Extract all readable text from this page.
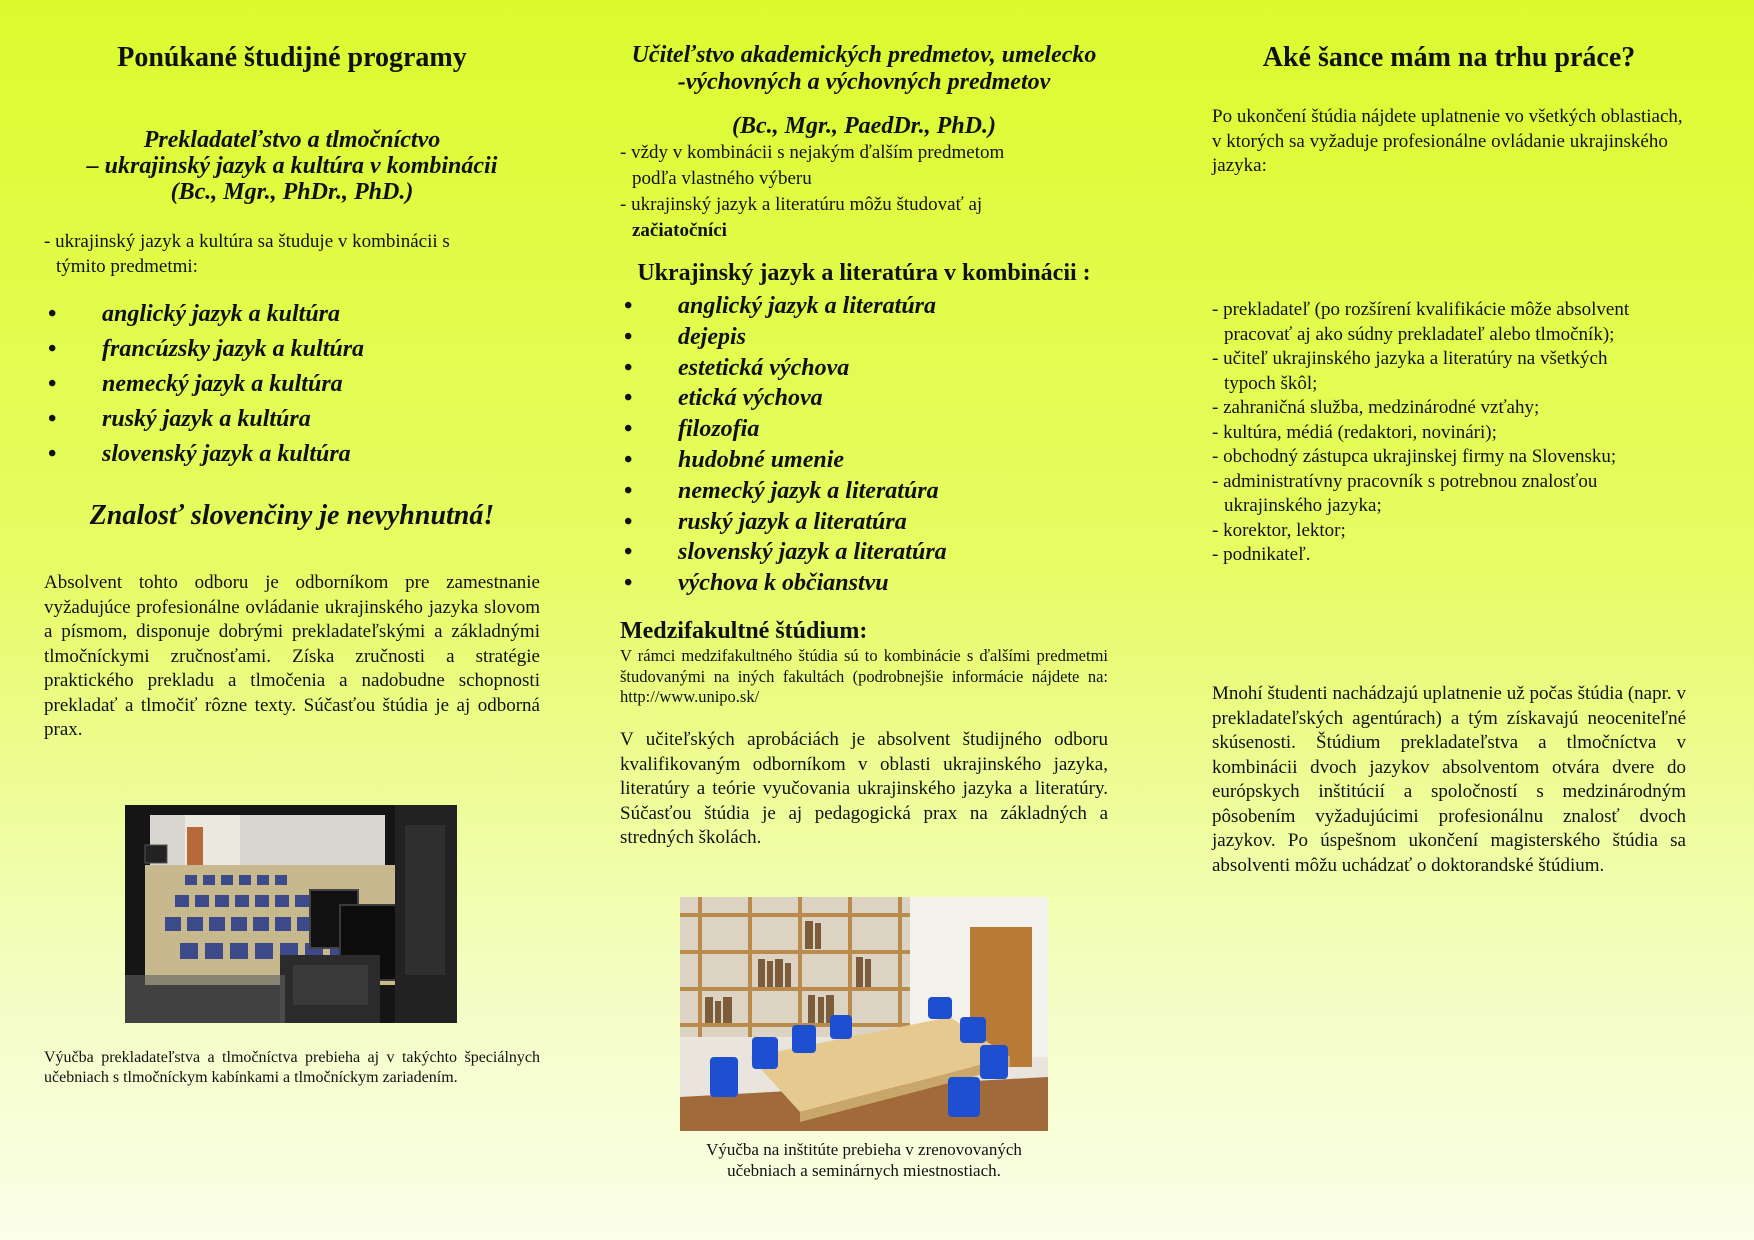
Ponúkané študijné programy
Prekladateľstvo a tlmočníctvo
– ukrajinský jazyk a kultúra v kombinácii
(Bc., Mgr., PhDr., PhD.)
- ukrajinský jazyk a kultúra sa študuje v kombinácii s
týmito predmetmi:
• anglický jazyk a kultúra
• francúzsky jazyk a kultúra
• nemecký jazyk a kultúra
• ruský jazyk a kultúra
• slovenský jazyk a kultúra
Znalosť slovenčiny je nevyhnutná!
Absolvent tohto odboru je odborníkom pre zamestnanie vyžadujúce profesionálne ovládanie ukrajinského jazyka slovom a písmom, disponuje dobrými prekladateľskými a základnými tlmočníckymi zručnosťami. Získa zručnosti a stratégie praktického prekladu a tlmočenia a nadobudne schopnosti prekladať a tlmočiť rôzne texty. Súčasťou štúdia je aj odborná prax.
Výučba prekladateľstva a tlmočníctva prebieha aj v takýchto špeciálnych učebniach s tlmočníckym kabínkami a tlmočníckym zariadením.
Učiteľstvo akademických predmetov, umelecko
-výchovných a výchovných predmetov
(Bc., Mgr., PaedDr., PhD.)
- vždy v kombinácii s nejakým ďalším predmetom
podľa vlastného výberu
- ukrajinský jazyk a literatúru môžu študovať aj
začiatočníci
Ukrajinský jazyk a literatúra v kombinácii :
• anglický jazyk a literatúra
• dejepis
• estetická výchova
• etická výchova
• filozofia
• hudobné umenie
• nemecký jazyk a literatúra
• ruský jazyk a literatúra
• slovenský jazyk a literatúra
• výchova k občianstvu
Medzifakultné štúdium:
V rámci medzifakultného štúdia sú to kombinácie s ďalšími predmetmi študovanými na iných fakultách (podrobnejšie informácie nájdete na: http://www.unipo.sk/
V učiteľských aprobáciách je absolvent študijného odboru kvalifikovaným odborníkom v oblasti ukrajinského jazyka, literatúry a teórie vyučovania ukrajinského jazyka a literatúry. Súčasťou štúdia je aj pedagogická prax na základných a stredných školách.
Výučba na inštitúte prebieha v zrenovovaných
učebniach a seminárnych miestnostiach.
Aké šance mám na trhu práce?
Po ukončení štúdia nájdete uplatnenie vo všetkých oblastiach, v ktorých sa vyžaduje profesionálne ovládanie ukrajinského jazyka:
- prekladateľ (po rozšírení kvalifikácie môže absolvent
pracovať aj ako súdny prekladateľ alebo tlmočník);
- učiteľ ukrajinského jazyka a literatúry na všetkých
typoch škôl;
- zahraničná služba, medzinárodné vzťahy;
- kultúra, médiá (redaktori, novinári);
- obchodný zástupca ukrajinskej firmy na Slovensku;
- administratívny pracovník s potrebnou znalosťou
ukrajinského jazyka;
- korektor, lektor;
- podnikateľ.
Mnohí študenti nachádzajú uplatnenie už počas štúdia (napr. v prekladateľských agentúrach) a tým získavajú neoceniteľné skúsenosti. Štúdium prekladateľstva a tlmočníctva v kombinácii dvoch jazykov absolventom otvára dvere do európskych inštitúcií a spoločností s medzinárodným pôsobením vyžadujúcimi profesionálnu znalosť dvoch jazykov. Po úspešnom ukončení magisterského štúdia sa absolventi môžu uchádzať o doktorandské štúdium.
